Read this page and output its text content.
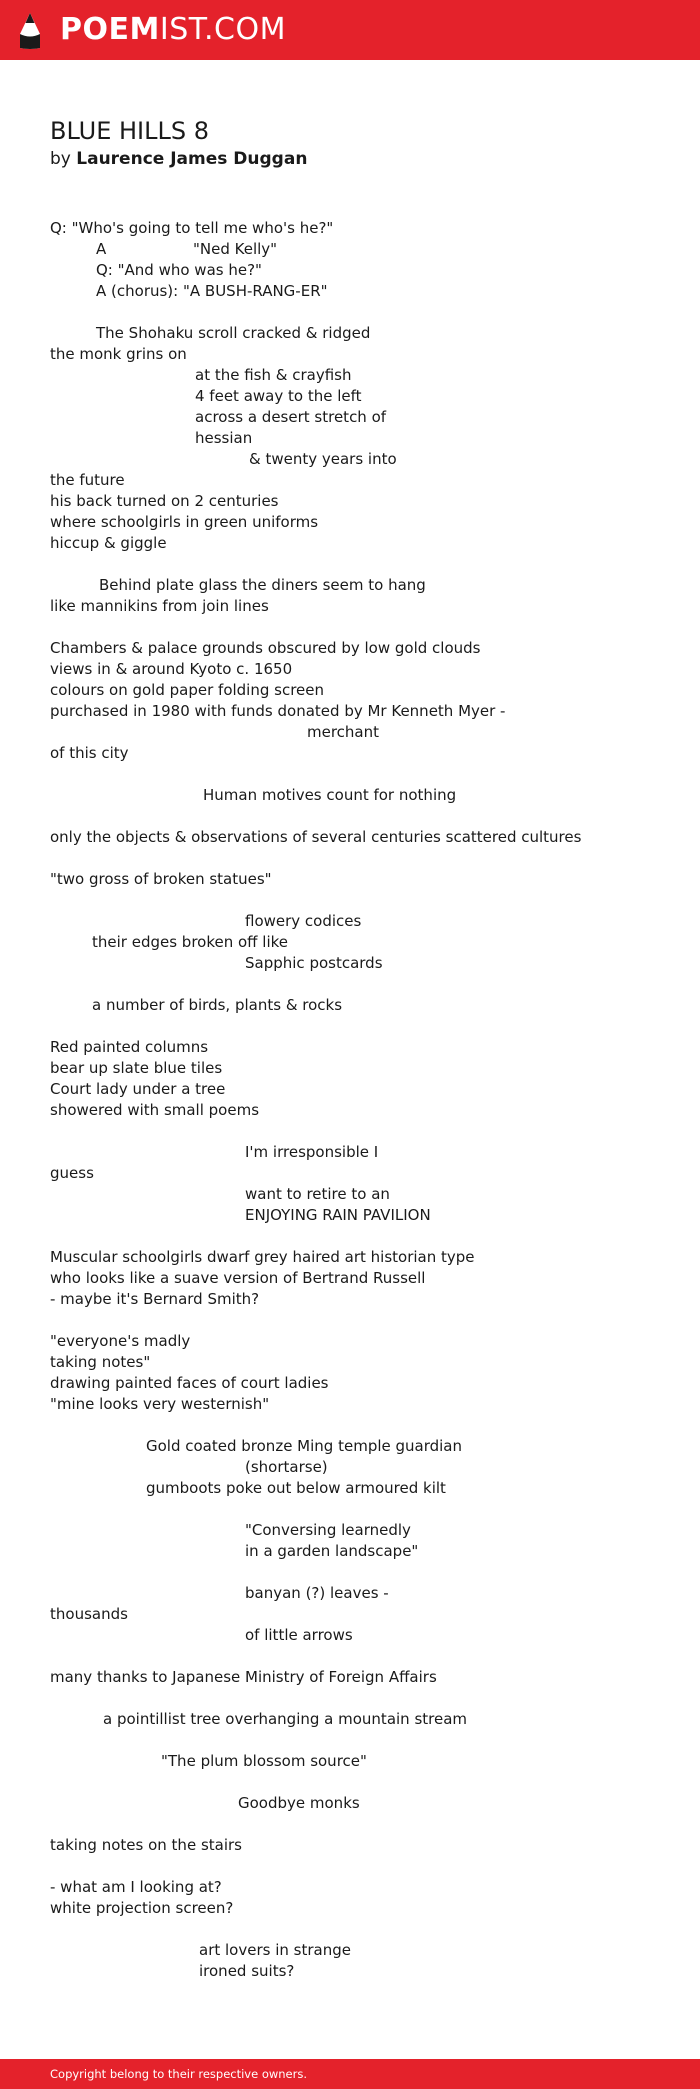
POEMIST.COM
BLUE HILLS 8
by Laurence James Duggan
Q: "Who's going to tell me who's he?"

A

	"Ned Kelly"

Q: "And who was he?"
A (chorus): "A BUSH-RANG-ER"
The Shohaku scroll cracked & ridged
the monk grins on
at the fish & crayfish
4 feet away to the left
across a desert stretch of
hessian
& twenty years into
the future
his back turned on 2 centuries
where schoolgirls in green uniforms
hiccup & giggle
Behind plate glass the diners seem to hang
like mannikins from join lines
Chambers & palace grounds obscured by low gold clouds
views in & around Kyoto c. 1650
colours on gold paper folding screen
purchased in 1980 with funds donated by Mr Kenneth Myer -
merchant
of this city
Human motives count for nothing
only the objects & observations of several centuries scattered cultures
"two gross of broken statues"
flowery codices
their edges broken off like
Sapphic postcards
a number of birds, plants & rocks
Red painted columns
bear up slate blue tiles
Court lady under a tree
showered with small poems
I'm irresponsible I
guess
want to retire to an
ENJOYING RAIN PAVILION
Muscular schoolgirls dwarf grey haired art historian type
who looks like a suave version of Bertrand Russell
- maybe it's Bernard Smith?
"everyone's madly
taking notes"
drawing painted faces of court ladies
"mine looks very westernish"
Gold coated bronze Ming temple guardian
(shortarse)
gumboots poke out below armoured kilt
"Conversing learnedly
in a garden landscape"
banyan (?) leaves -
thousands
of little arrows
many thanks to Japanese Ministry of Foreign Affairs
a pointillist tree overhanging a mountain stream
"The plum blossom source"
Goodbye monks
taking notes on the stairs
- what am I looking at?
white projection screen?
art lovers in strange
ironed suits?
Copyright belong to their respective owners.
